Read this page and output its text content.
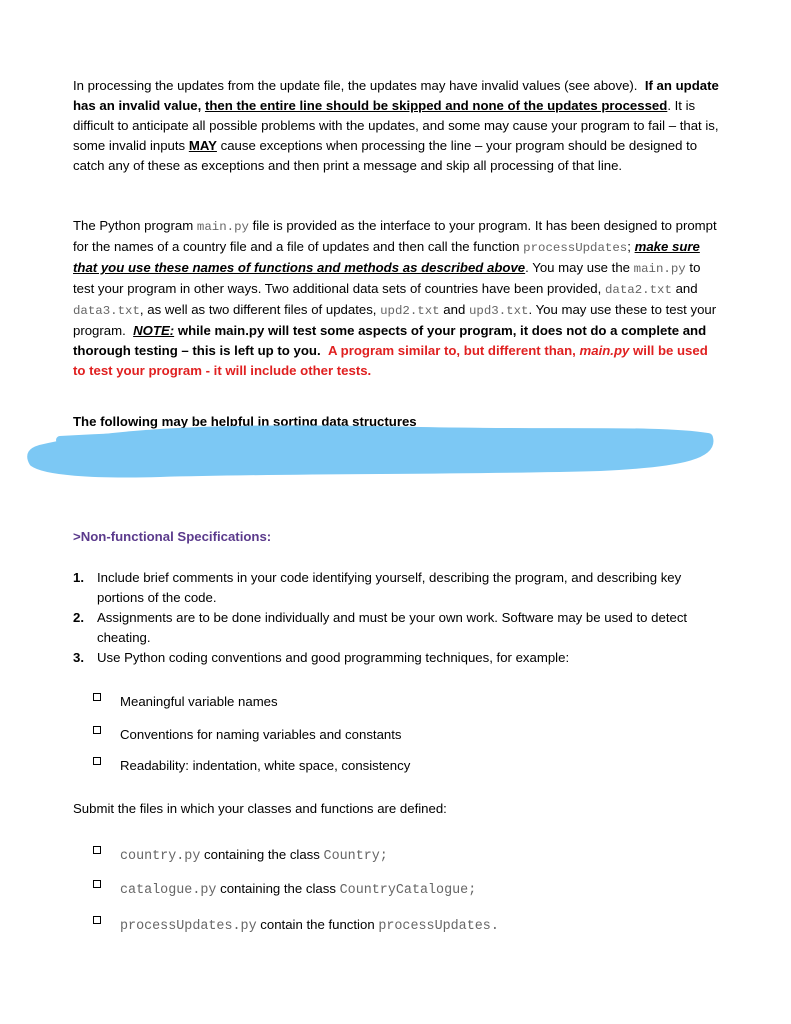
In processing the updates from the update file, the updates may have invalid values (see above). If an update has an invalid value, then the entire line should be skipped and none of the updates processed. It is difficult to anticipate all possible problems with the updates, and some may cause your program to fail – that is, some invalid inputs MAY cause exceptions when processing the line – your program should be designed to catch any of these as exceptions and then print a message and skip all processing of that line.
The Python program main.py file is provided as the interface to your program. It has been designed to prompt for the names of a country file and a file of updates and then call the function processUpdates; make sure that you use these names of functions and methods as described above. You may use the main.py to test your program in other ways. Two additional data sets of countries have been provided, data2.txt and data3.txt, as well as two different files of updates, upd2.txt and upd3.txt. You may use these to test your program. NOTE: while main.py will test some aspects of your program, it does not do a complete and thorough testing – this is left up to you. A program similar to, but different than, main.py will be used to test your program - it will include other tests.
The following may be helpful in sorting data structures
>Non-functional Specifications:
1. Include brief comments in your code identifying yourself, describing the program, and describing key portions of the code.
2. Assignments are to be done individually and must be your own work. Software may be used to detect cheating.
3. Use Python coding conventions and good programming techniques, for example:
Meaningful variable names
Conventions for naming variables and constants
Readability: indentation, white space, consistency
Submit the files in which your classes and functions are defined:
country.py containing the class Country;
catalogue.py containing the class CountryCatalogue;
processUpdates.py contain the function processUpdates.
